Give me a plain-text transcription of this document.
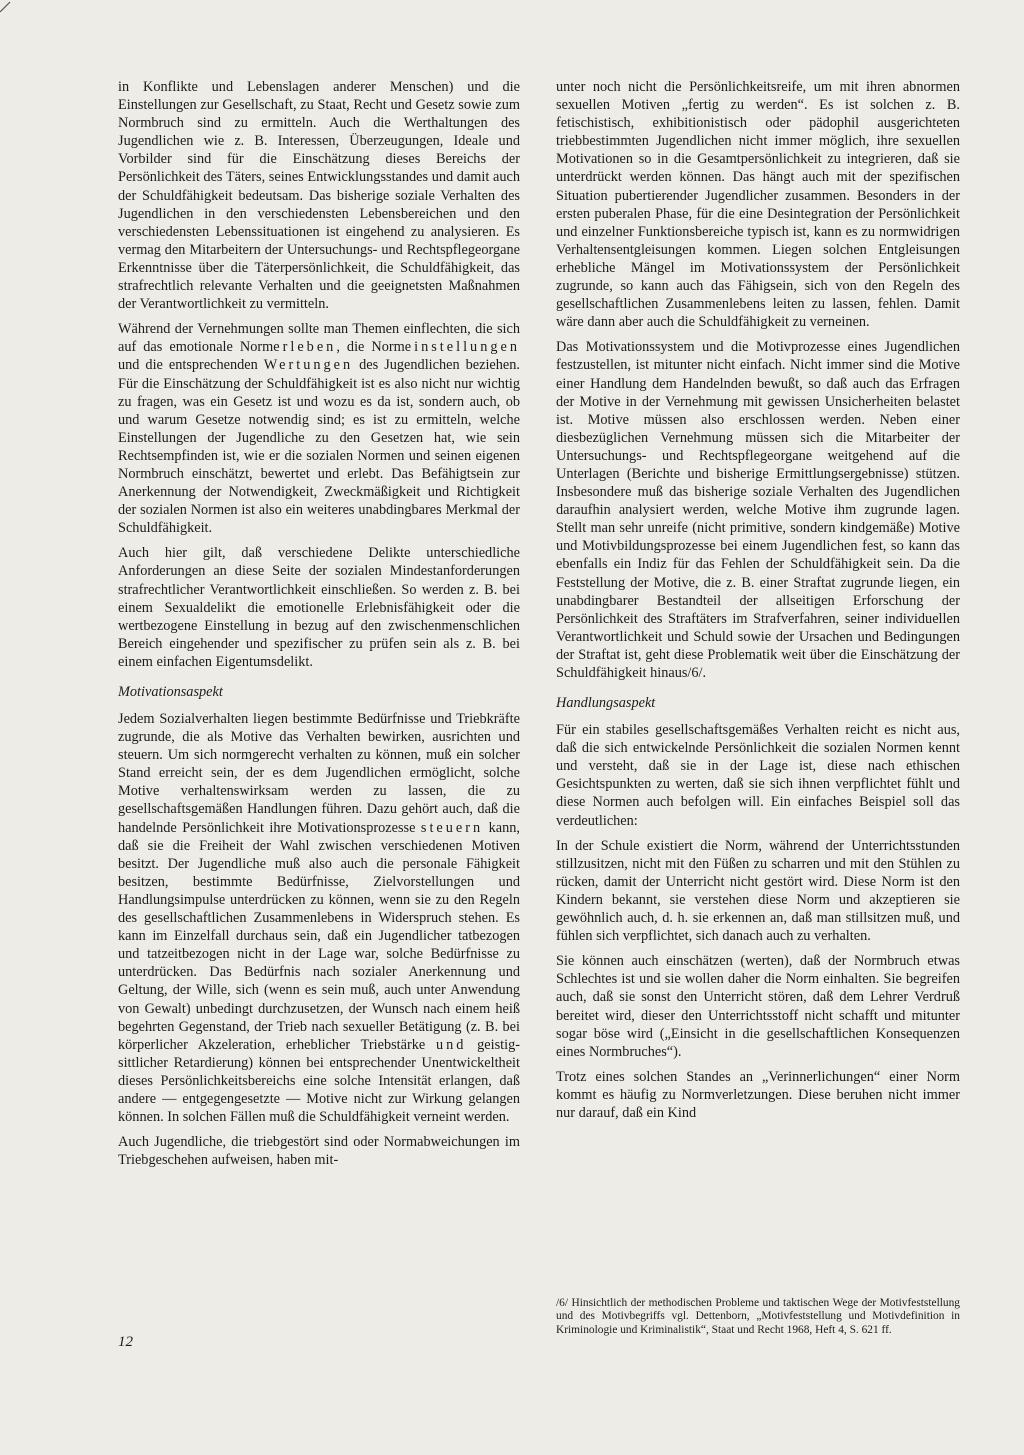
in Konflikte und Lebenslagen anderer Menschen) und die Einstellungen zur Gesellschaft, zu Staat, Recht und Gesetz sowie zum Normbruch sind zu ermitteln. Auch die Werthaltungen des Jugendlichen wie z. B. Interessen, Überzeugungen, Ideale und Vorbilder sind für die Einschätzung dieses Bereichs der Persönlichkeit des Täters, seines Entwicklungsstandes und damit auch der Schuldfähigkeit bedeutsam. Das bisherige soziale Verhalten des Jugendlichen in den verschiedensten Lebensbereichen und den verschiedensten Lebenssituationen ist eingehend zu analysieren. Es vermag den Mitarbeitern der Untersuchungs- und Rechtspflegeorgane Erkenntnisse über die Täterpersönlichkeit, die Schuldfähigkeit, das strafrechtlich relevante Verhalten und die geeignetsten Maßnahmen der Verantwortlichkeit zu vermitteln.

Während der Vernehmungen sollte man Themen einflechten, die sich auf das emotionale Normerleben, die Normeinstellungen und die entsprechenden Wertungen des Jugendlichen beziehen. Für die Einschätzung der Schuldfähigkeit ist es also nicht nur wichtig zu fragen, was ein Gesetz ist und wozu es da ist, sondern auch, ob und warum Gesetze notwendig sind; es ist zu ermitteln, welche Einstellungen der Jugendliche zu den Gesetzen hat, wie sein Rechtsempfinden ist, wie er die sozialen Normen und seinen eigenen Normbruch einschätzt, bewertet und erlebt. Das Befähigtsein zur Anerkennung der Notwendigkeit, Zweckmäßigkeit und Richtigkeit der sozialen Normen ist also ein weiteres unabdingbares Merkmal der Schuldfähigkeit.

Auch hier gilt, daß verschiedene Delikte unterschiedliche Anforderungen an diese Seite der sozialen Mindestanforderungen strafrechtlicher Verantwortlichkeit einschließen. So werden z. B. bei einem Sexualdelikt die emotionelle Erlebnisfähigkeit oder die wertbezogene Einstellung in bezug auf den zwischenmenschlichen Bereich eingehender und spezifischer zu prüfen sein als z. B. bei einem einfachen Eigentumsdelikt.

Motivationsaspekt

Jedem Sozialverhalten liegen bestimmte Bedürfnisse und Triebkräfte zugrunde, die als Motive das Verhalten bewirken, ausrichten und steuern. Um sich normgerecht verhalten zu können, muß ein solcher Stand erreicht sein, der es dem Jugendlichen ermöglicht, solche Motive verhaltenswirksam werden zu lassen, die zu gesellschaftsgemäßen Handlungen führen. Dazu gehört auch, daß die handelnde Persönlichkeit ihre Motivationsprozesse steuern kann, daß sie die Freiheit der Wahl zwischen verschiedenen Motiven besitzt. Der Jugendliche muß also auch die personale Fähigkeit besitzen, bestimmte Bedürfnisse, Zielvorstellungen und Handlungsimpulse unterdrücken zu können, wenn sie zu den Regeln des gesellschaftlichen Zusammenlebens in Widerspruch stehen. Es kann im Einzelfall durchaus sein, daß ein Jugendlicher tatbezogen und tatzeitbezogen nicht in der Lage war, solche Bedürfnisse zu unterdrücken. Das Bedürfnis nach sozialer Anerkennung und Geltung, der Wille, sich (wenn es sein muß, auch unter Anwendung von Gewalt) unbedingt durchzusetzen, der Wunsch nach einem heiß begehrten Gegenstand, der Trieb nach sexueller Betätigung (z. B. bei körperlicher Akzeleration, erheblicher Triebstärke und geistig-sittlicher Retardierung) können bei entsprechender Unentwickeltheit dieses Persönlichkeitsbereichs eine solche Intensität erlangen, daß andere — entgegengesetzte — Motive nicht zur Wirkung gelangen können. In solchen Fällen muß die Schuldfähigkeit verneint werden.

Auch Jugendliche, die triebgestört sind oder Normabweichungen im Triebgeschehen aufweisen, haben mit-

unter noch nicht die Persönlichkeitsreife, um mit ihren abnormen sexuellen Motiven „fertig zu werden“. Es ist solchen z. B. fetischistisch, exhibitionistisch oder pädophil ausgerichteten triebbestimmten Jugendlichen nicht immer möglich, ihre sexuellen Motivationen so in die Gesamtpersönlichkeit zu integrieren, daß sie unterdrückt werden können. Das hängt auch mit der spezifischen Situation pubertierender Jugendlicher zusammen. Besonders in der ersten puberalen Phase, für die eine Desintegration der Persönlichkeit und einzelner Funktionsbereiche typisch ist, kann es zu normwidrigen Verhaltensentgleisungen kommen. Liegen solchen Entgleisungen erhebliche Mängel im Motivationssystem der Persönlichkeit zugrunde, so kann auch das Fähigsein, sich von den Regeln des gesellschaftlichen Zusammenlebens leiten zu lassen, fehlen. Damit wäre dann aber auch die Schuldfähigkeit zu verneinen.

Das Motivationssystem und die Motivprozesse eines Jugendlichen festzustellen, ist mitunter nicht einfach. Nicht immer sind die Motive einer Handlung dem Handelnden bewußt, so daß auch das Erfragen der Motive in der Vernehmung mit gewissen Unsicherheiten belastet ist. Motive müssen also erschlossen werden. Neben einer diesbezüglichen Vernehmung müssen sich die Mitarbeiter der Untersuchungs- und Rechtspflegeorgane weitgehend auf die Unterlagen (Berichte und bisherige Ermittlungsergebnisse) stützen. Insbesondere muß das bisherige soziale Verhalten des Jugendlichen daraufhin analysiert werden, welche Motive ihm zugrunde lagen. Stellt man sehr unreife (nicht primitive, sondern kindgemäße) Motive und Motivbildungsprozesse bei einem Jugendlichen fest, so kann das ebenfalls ein Indiz für das Fehlen der Schuldfähigkeit sein. Da die Feststellung der Motive, die z. B. einer Straftat zugrunde liegen, ein unabdingbarer Bestandteil der allseitigen Erforschung der Persönlichkeit des Straftäters im Strafverfahren, seiner individuellen Verantwortlichkeit und Schuld sowie der Ursachen und Bedingungen der Straftat ist, geht diese Problematik weit über die Einschätzung der Schuldfähigkeit hinaus/6/.

Handlungsaspekt

Für ein stabiles gesellschaftsgemäßes Verhalten reicht es nicht aus, daß die sich entwickelnde Persönlichkeit die sozialen Normen kennt und versteht, daß sie in der Lage ist, diese nach ethischen Gesichtspunkten zu werten, daß sie sich ihnen verpflichtet fühlt und diese Normen auch befolgen will. Ein einfaches Beispiel soll das verdeutlichen:

In der Schule existiert die Norm, während der Unterrichtsstunden stillzusitzen, nicht mit den Füßen zu scharren und mit den Stühlen zu rücken, damit der Unterricht nicht gestört wird. Diese Norm ist den Kindern bekannt, sie verstehen diese Norm und akzeptieren sie gewöhnlich auch, d. h. sie erkennen an, daß man stillsitzen muß, und fühlen sich verpflichtet, sich danach auch zu verhalten.

Sie können auch einschätzen (werten), daß der Normbruch etwas Schlechtes ist und sie wollen daher die Norm einhalten. Sie begreifen auch, daß sie sonst den Unterricht stören, daß dem Lehrer Verdruß bereitet wird, dieser den Unterrichtsstoff nicht schafft und mitunter sogar böse wird („Einsicht in die gesellschaftlichen Konsequenzen eines Normbruches“).

Trotz eines solchen Standes an „Verinnerlichungen“ einer Norm kommt es häufig zu Normverletzungen. Diese beruhen nicht immer nur darauf, daß ein Kind

/6/ Hinsichtlich der methodischen Probleme und taktischen Wege der Motivfeststellung und des Motivbegriffs vgl. Dettenborn, „Motivfeststellung und Motivdefinition in Kriminologie und Kriminalistik“, Staat und Recht 1968, Heft 4, S. 621 ff.

12
